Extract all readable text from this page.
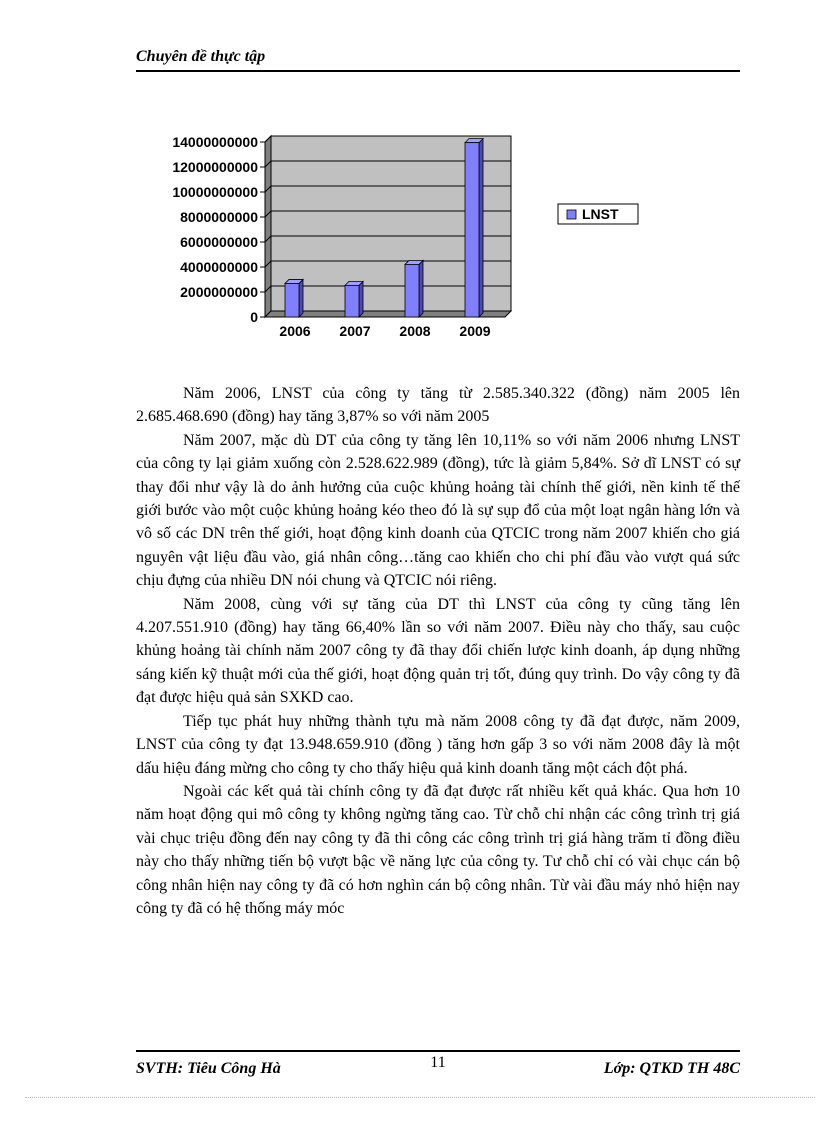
Chuyên đề thực tập
0
2000000000
4000000000
6000000000
8000000000
10000000000
12000000000
14000000000
2006 2007 2008 2009
LNST

Năm 2006, LNST của công ty tăng từ 2.585.340.322 (đồng) năm 2005 lên 2.685.468.690 (đồng) hay tăng 3,87% so với năm 2005

Năm 2007, mặc dù DT của công ty tăng lên 10,11% so với năm 2006 nhưng LNST của công ty lại giảm xuống còn 2.528.622.989 (đồng), tức là giảm 5,84%. Sở dĩ LNST có sự thay đổi như vậy là do ảnh hưởng của cuộc khủng hoảng tài chính thế giới, nền kinh tế thế giới bước vào một cuộc khủng hoảng kéo theo đó là sự sụp đổ của một loạt ngân hàng lớn và vô số các DN trên thế giới, hoạt động kinh doanh của QTCIC trong năm 2007 khiến cho giá nguyên vật liệu đầu vào, giá nhân công…tăng cao khiến cho chi phí đầu vào vượt quá sức chịu đựng của nhiều DN nói chung và QTCIC nói riêng.

Năm 2008, cùng với sự tăng của DT thì LNST của công ty cũng tăng lên 4.207.551.910 (đồng) hay tăng 66,40% lần so với năm 2007. Điều này cho thấy, sau cuộc khủng hoảng tài chính năm 2007 công ty đã thay đổi chiến lược kinh doanh, áp dụng những sáng kiến kỹ thuật mới của thế giới, hoạt động quản trị tốt, đúng quy trình. Do vậy công ty đã đạt được hiệu quả sản SXKD cao.

Tiếp tục phát huy những thành tựu mà năm 2008 công ty đã đạt được, năm 2009, LNST của công ty đạt 13.948.659.910 (đồng ) tăng hơn gấp 3 so với năm 2008 đây là một dấu hiệu đáng mừng cho công ty cho thấy hiệu quả kinh doanh tăng một cách đột phá.

Ngoài các kết quả tài chính công ty đã đạt được rất nhiều kết quả khác. Qua hơn 10 năm hoạt động qui mô công ty không ngừng tăng cao. Từ chỗ chỉ nhận các công trình trị giá vài chục triệu đồng đến nay công ty đã thi công các công trình trị giá hàng trăm tỉ đồng điều này cho thấy những tiến bộ vượt bậc về năng lực của công ty. Tư chỗ chỉ có vài chục cán bộ công nhân hiện nay công ty đã có hơn nghìn cán bộ công nhân. Từ vài đầu máy nhỏ hiện nay công ty đã có hệ thống máy móc

SVTH: Tiêu Công Hà	11	Lớp: QTKD TH 48C
